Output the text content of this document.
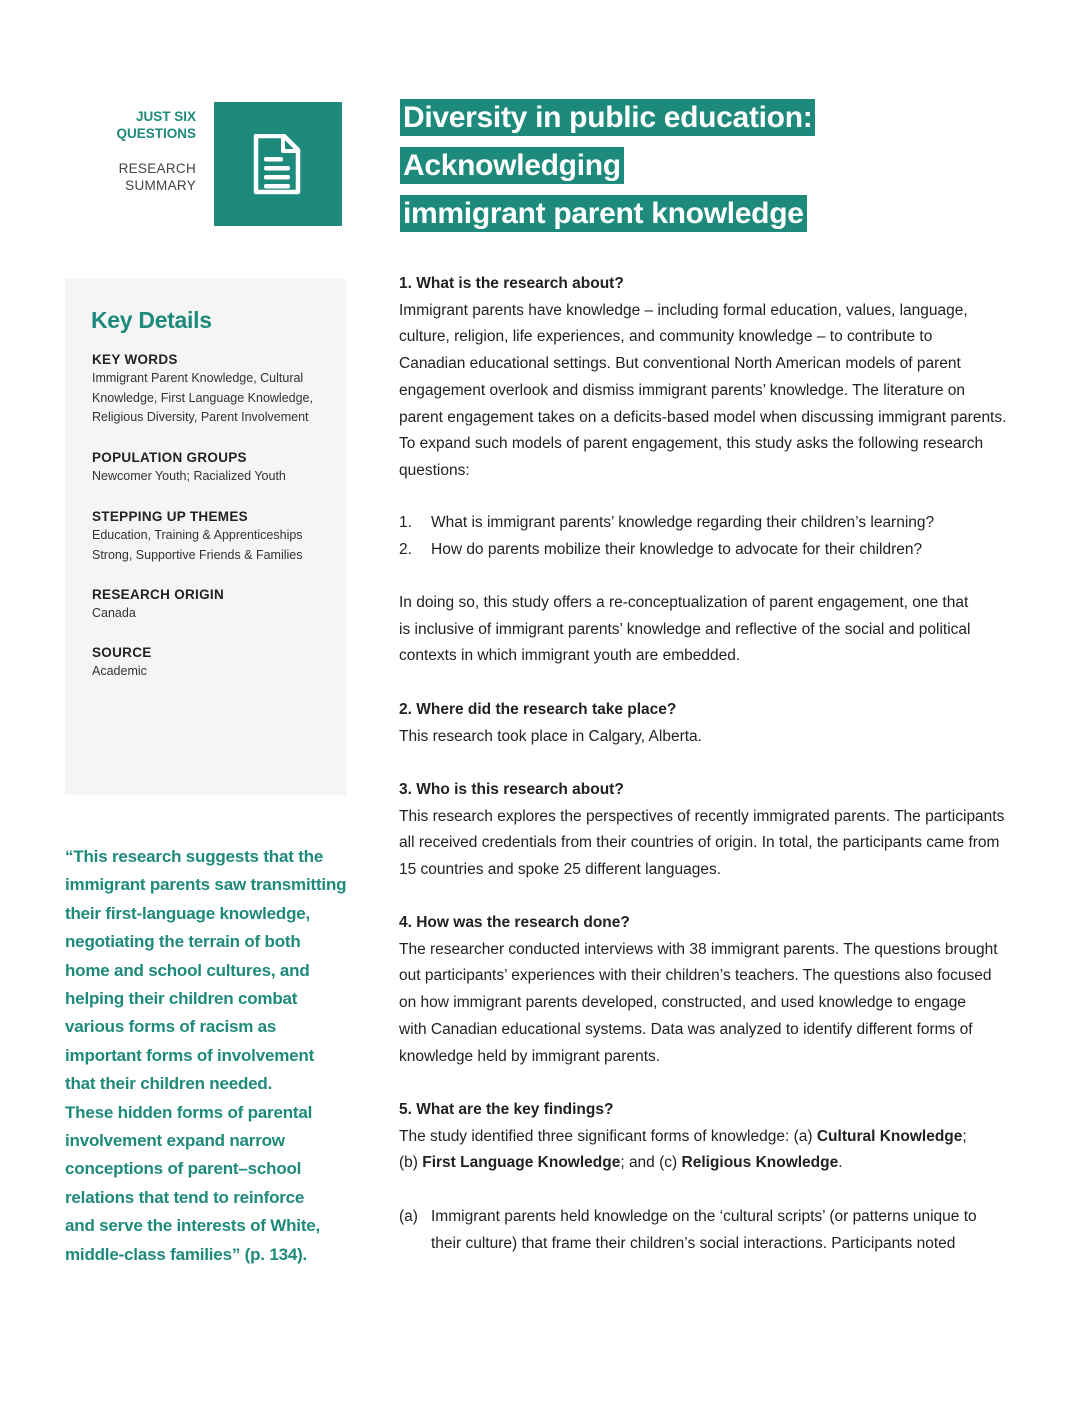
JUST SIX
QUESTIONS
RESEARCH
SUMMARY
Diversity in public education: Acknowledging
immigrant parent knowledge
Key Details
KEY WORDS
Immigrant Parent Knowledge, Cultural
Knowledge, First Language Knowledge,
Religious Diversity, Parent Involvement
POPULATION GROUPS
Newcomer Youth; Racialized Youth
STEPPING UP THEMES
Education, Training & Apprenticeships
Strong, Supportive Friends & Families
RESEARCH ORIGIN
Canada
SOURCE
Academic
“This research suggests that the
immigrant parents saw transmitting
their first-language knowledge,
negotiating the terrain of both
home and school cultures, and
helping their children combat
various forms of racism as
important forms of involvement
that their children needed.
These hidden forms of parental
involvement expand narrow
conceptions of parent–school
relations that tend to reinforce
and serve the interests of White,
middle-class families” (p. 134).

1. What is the research about?

Immigrant parents have knowledge – including formal education, values, language,

culture, religion, life experiences, and community knowledge – to contribute to

Canadian educational settings. But conventional North American models of parent

engagement overlook and dismiss immigrant parents’ knowledge. The literature on

parent engagement takes on a deficits-based model when discussing immigrant parents.

To expand such models of parent engagement, this study asks the following research

questions:

1. What is immigrant parents’ knowledge regarding their children’s learning?

2. How do parents mobilize their knowledge to advocate for their children?

In doing so, this study offers a re-conceptualization of parent engagement, one that

is inclusive of immigrant parents’ knowledge and reflective of the social and political

contexts in which immigrant youth are embedded.

2. Where did the research take place?

This research took place in Calgary, Alberta.

3. Who is this research about?

This research explores the perspectives of recently immigrated parents. The participants

all received credentials from their countries of origin. In total, the participants came from

15 countries and spoke 25 different languages.

4. How was the research done?

The researcher conducted interviews with 38 immigrant parents. The questions brought

out participants’ experiences with their children’s teachers. The questions also focused

on how immigrant parents developed, constructed, and used knowledge to engage

with Canadian educational systems. Data was analyzed to identify different forms of

knowledge held by immigrant parents.

5. What are the key findings?

The study identified three significant forms of knowledge: (a) Cultural Knowledge;

(b) First Language Knowledge; and (c) Religious Knowledge.

(a) Immigrant parents held knowledge on the ‘cultural scripts’ (or patterns unique to

their culture) that frame their children’s social interactions. Participants noted
